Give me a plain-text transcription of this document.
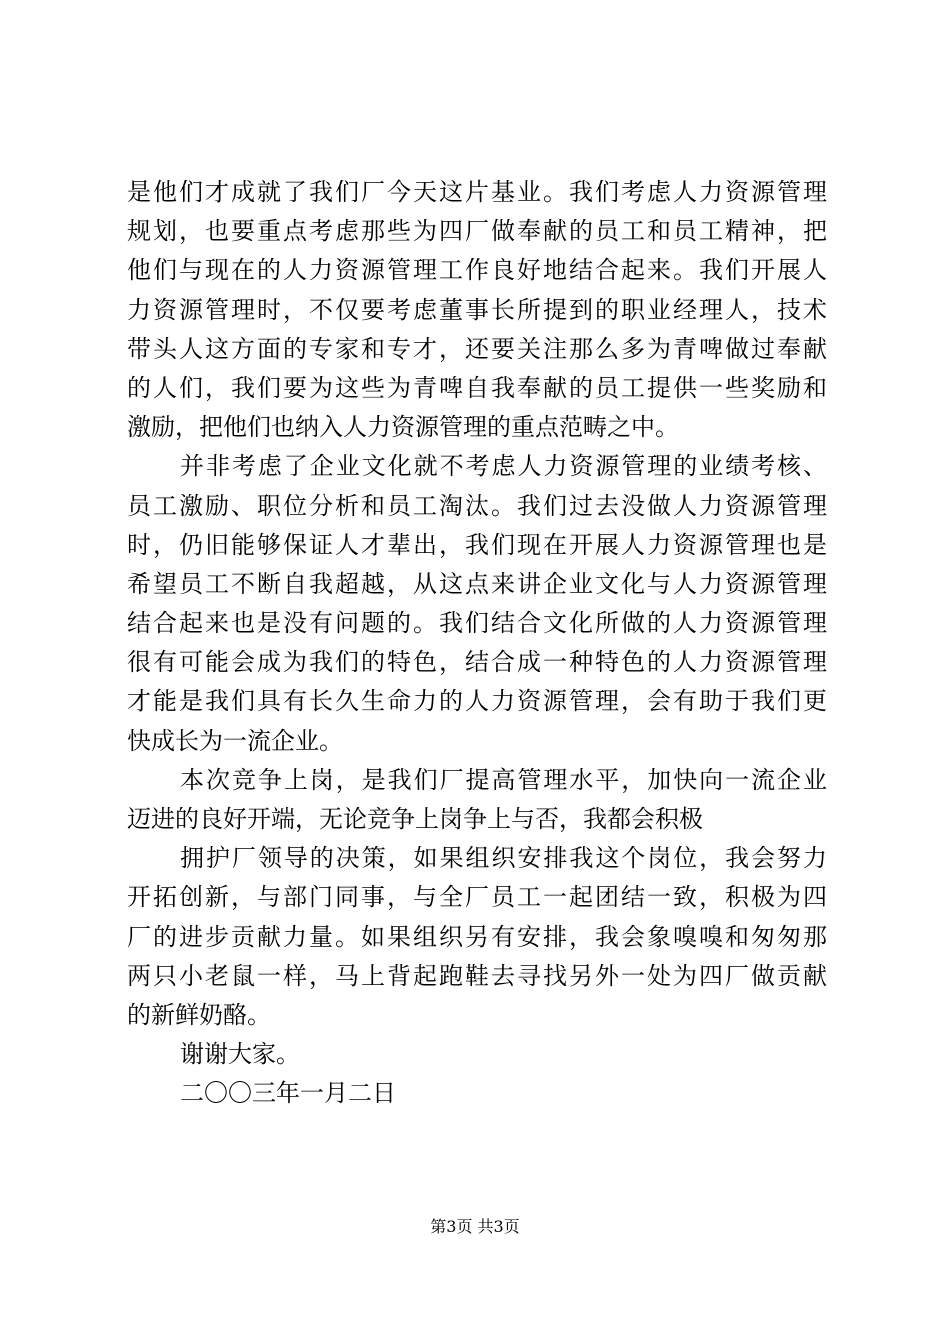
是他们才成就了我们厂今天这片基业。我们考虑人力资源管理
规划，也要重点考虑那些为四厂做奉献的员工和员工精神，把
他们与现在的人力资源管理工作良好地结合起来。我们开展人
力资源管理时，不仅要考虑董事长所提到的职业经理人，技术
带头人这方面的专家和专才，还要关注那么多为青啤做过奉献
的人们，我们要为这些为青啤自我奉献的员工提供一些奖励和
激励，把他们也纳入人力资源管理的重点范畴之中。
并非考虑了企业文化就不考虑人力资源管理的业绩考核、
员工激励、职位分析和员工淘汰。我们过去没做人力资源管理
时，仍旧能够保证人才辈出，我们现在开展人力资源管理也是
希望员工不断自我超越，从这点来讲企业文化与人力资源管理
结合起来也是没有问题的。我们结合文化所做的人力资源管理
很有可能会成为我们的特色，结合成一种特色的人力资源管理
才能是我们具有长久生命力的人力资源管理，会有助于我们更
快成长为一流企业。
本次竞争上岗，是我们厂提高管理水平，加快向一流企业
迈进的良好开端，无论竞争上岗争上与否，我都会积极
拥护厂领导的决策，如果组织安排我这个岗位，我会努力
开拓创新，与部门同事，与全厂员工一起团结一致，积极为四
厂的进步贡献力量。如果组织另有安排，我会象嗅嗅和匆匆那
两只小老鼠一样，马上背起跑鞋去寻找另外一处为四厂做贡献
的新鲜奶酪。
谢谢大家。
二〇〇三年一月二日
第3页 共3页
